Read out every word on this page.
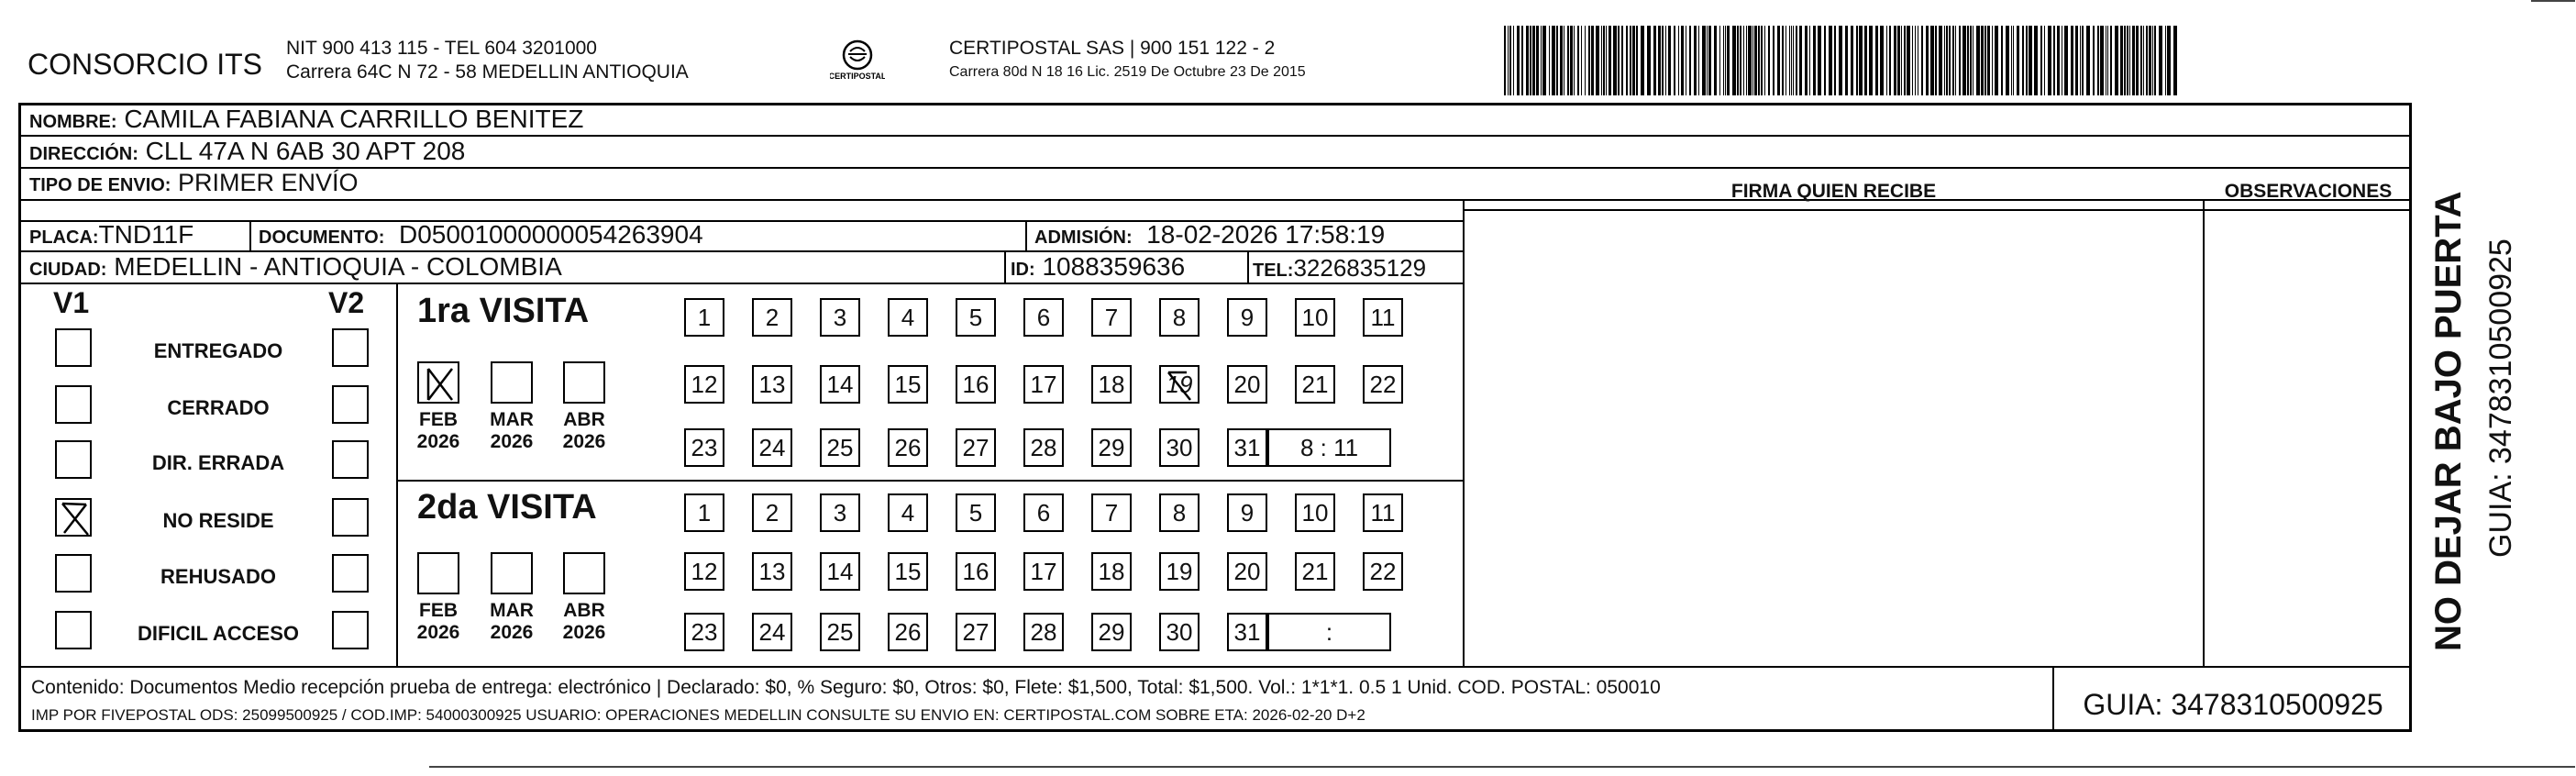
CONSORCIO ITS NIT 900 413 115 - TEL 604 3201000
Carrera 64C N 72 - 58 MEDELLIN ANTIOQUIA	CERTIPOSTAL
CERTIPOSTAL SAS | 900 151 122 - 2
Carrera 80d N 18 16 Lic. 2519 De Octubre 23 De 2015
NOMBRE: CAMILA FABIANA CARRILLO BENITEZ
DIRECCIÓN: CLL 47A N 6AB 30 APT 208
TIPO DE ENVIO: PRIMER ENVÍO	FIRMA QUIEN RECIBE	OBSERVACIONES
PLACA:TND11F	DOCUMENTO: D05001000000054263904	ADMISIÓN: 18-02-2026 17:58:19
CIUDAD: MEDELLIN - ANTIOQUIA - COLOMBIA	ID: 1088359636	TEL:3226835129
V1	V2
ENTREGADO
CERRADO
DIR. ERRADA
NO RESIDE
REHUSADO
DIFICIL ACCESO
1ra VISITA
FEB
2026
MAR
2026
ABR
2026
1	2	3	4	5	6	7	8	9	10	11
12 13 14 15 16 17 18 19 20 21 22
23 24 25 26 27 28 29 30 31	8 : 11
2da VISITA
FEB
2026
MAR
2026
ABR
2026
1	2	3	4	5	6	7	8	9	10	11
12 13 14 15 16 17 18 19 20 21 22
23 24 25 26 27 28 29 30 31	:
Contenido: Documentos Medio recepción prueba de entrega: electrónico | Declarado: $0, % Seguro: $0, Otros: $0, Flete: $1,500, Total: $1,500. Vol.: 1*1*1. 0.5 1 Unid. COD. POSTAL: 050010
IMP POR FIVEPOSTAL ODS: 25099500925 / COD.IMP: 54000300925 USUARIO: OPERACIONES MEDELLIN CONSULTE SU ENVIO EN: CERTIPOSTAL.COM SOBRE ETA: 2026-02-20 D+2	GUIA: 3478310500925
NO DEJAR BAJO PUERTA GUIA: 3478310500925
